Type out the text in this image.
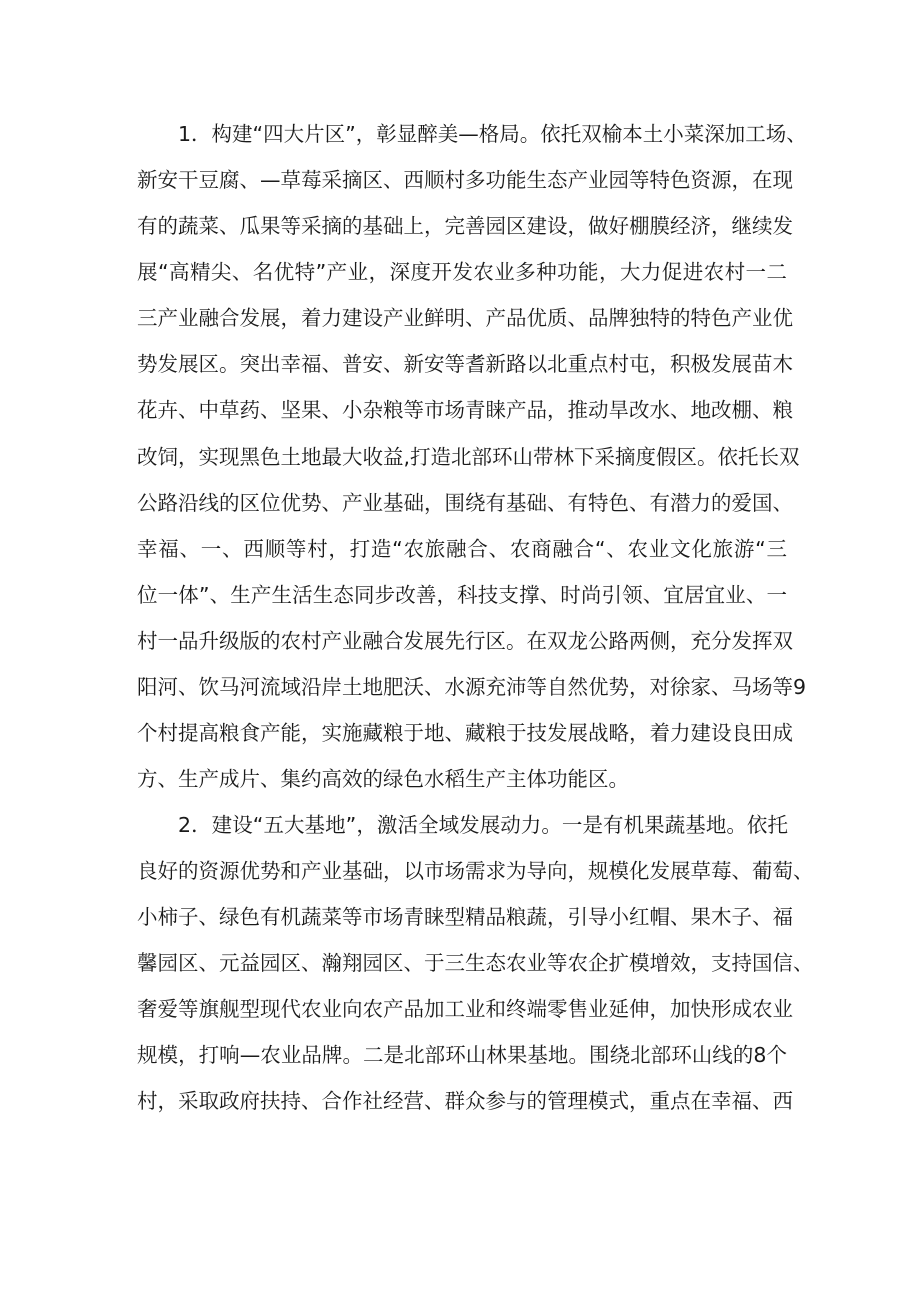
1．构建“四大片区”，彰显醉美—格局。依托双榆本土小菜深加工场、
新安干豆腐、—草莓采摘区、西顺村多功能生态产业园等特色资源，在现
有的蔬菜、瓜果等采摘的基础上，完善园区建设，做好棚膜经济，继续发
展“高精尖、名优特”产业，深度开发农业多种功能，大力促进农村一二
三产业融合发展，着力建设产业鲜明、产品优质、品牌独特的特色产业优
势发展区。突出幸福、普安、新安等耆新路以北重点村屯，积极发展苗木
花卉、中草药、坚果、小杂粮等市场青睐产品，推动旱改水、地改棚、粮
改饲，实现黑色土地最大收益,打造北部环山带林下采摘度假区。依托长双
公路沿线的区位优势、产业基础，围绕有基础、有特色、有潜力的爱国、
幸福、一、西顺等村，打造“农旅融合、农商融合“、农业文化旅游“三
位一体”、生产生活生态同步改善，科技支撑、时尚引领、宜居宜业、一
村一品升级版的农村产业融合发展先行区。在双龙公路两侧，充分发挥双
阳河、饮马河流域沿岸土地肥沃、水源充沛等自然优势，对徐家、马场等9
个村提高粮食产能，实施藏粮于地、藏粮于技发展战略，着力建设良田成
方、生产成片、集约高效的绿色水稻生产主体功能区。
2．建设“五大基地”，激活全域发展动力。一是有机果蔬基地。依托
良好的资源优势和产业基础，以市场需求为导向，规模化发展草莓、葡萄、
小柿子、绿色有机蔬菜等市场青睐型精品粮蔬，引导小红帽、果木子、福
馨园区、元益园区、瀚翔园区、于三生态农业等农企扩模增效，支持国信、
奢爱等旗舰型现代农业向农产品加工业和终端零售业延伸，加快形成农业
规模，打响—农业品牌。二是北部环山林果基地。围绕北部环山线的8个
村，采取政府扶持、合作社经营、群众参与的管理模式，重点在幸福、西
